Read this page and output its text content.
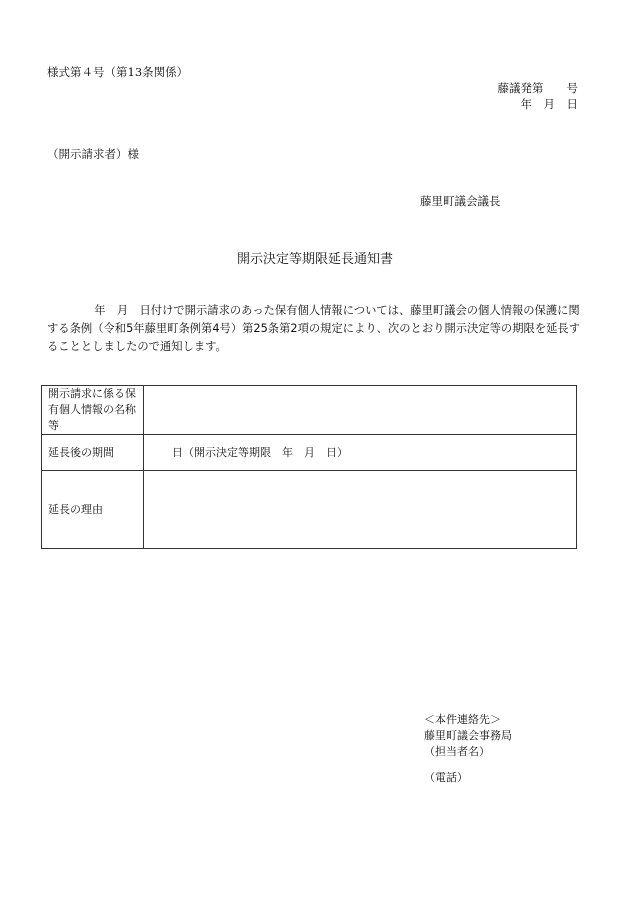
様式第４号（第13条関係）
藤議発第　　号
年　月　日
（開示請求者）様
藤里町議会議長
開示決定等期限延長通知書

　年　月　日付けで開示請求のあった保有個人情報については、藤里町議会の個人情報の保護に関する条例（令和5年藤里町条例第4号）第25条第2項の規定により、次のとおり開示決定等の期限を延長することとしましたので通知します。

開示請求に係る保有個人情報の名称等	
延長後の期間	日（開示決定等期限　年　月　日）
延長の理由	
＜本件連絡先＞
藤里町議会事務局
（担当者名）
（電話）
